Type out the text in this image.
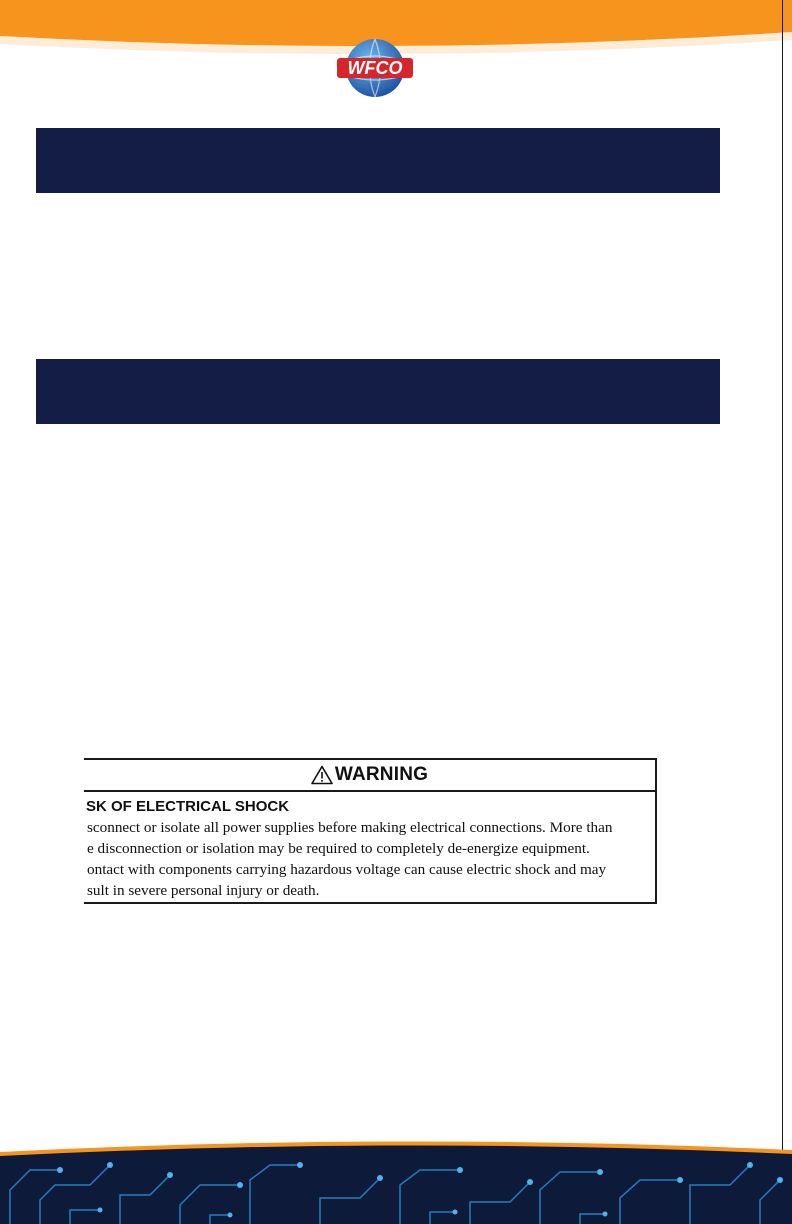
WFCO
WARNING
SK OF ELECTRICAL SHOCK
sconnect or isolate all power supplies before making electrical connections. More than
e disconnection or isolation may be required to completely de-energize equipment.
ontact with components carrying hazardous voltage can cause electric shock and may
sult in severe personal injury or death.
